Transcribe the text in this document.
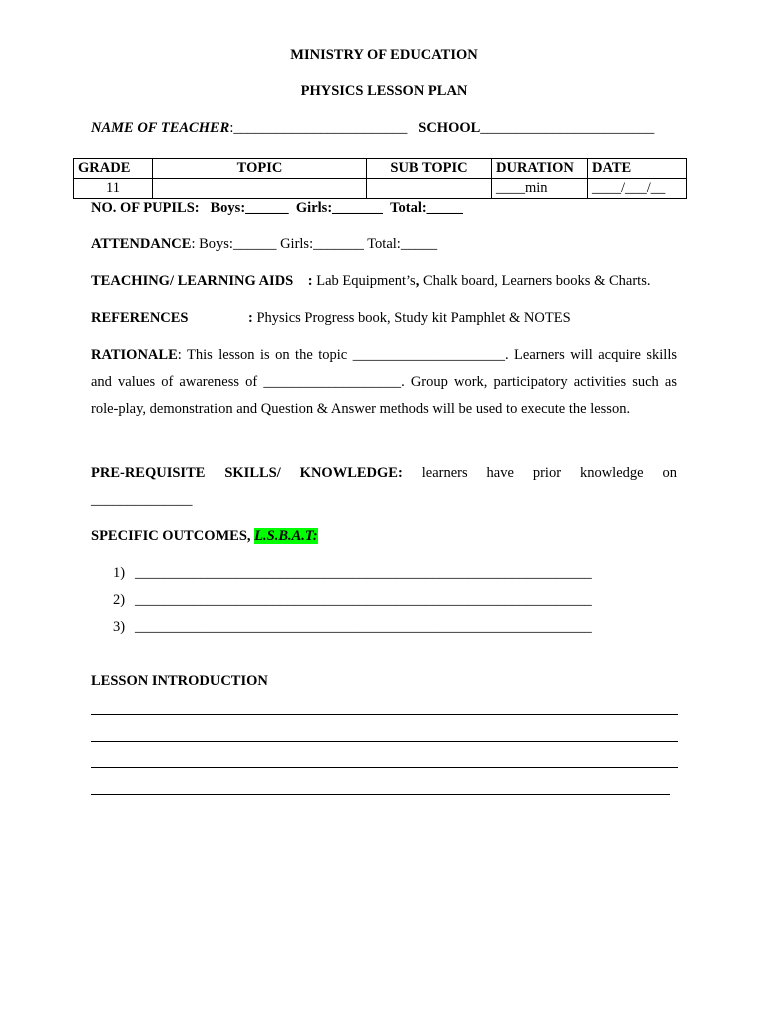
MINISTRY OF EDUCATION
PHYSICS LESSON PLAN
NAME OF TEACHER:________________________ SCHOOL________________________
GRADE	TOPIC	SUB TOPIC	DURATION	DATE
11			____min	____/___/__
NO. OF PUPILS: Boys:______ Girls:_______ Total:_____
ATTENDANCE: Boys:______ Girls:_______ Total:_____
TEACHING/ LEARNING AIDS : Lab Equipment’s, Chalk board, Learners books & Charts.
REFERENCES	: Physics Progress book, Study kit Pamphlet & NOTES
RATIONALE: This lesson is on the topic _____________________. Learners will acquire skills and values of awareness of ___________________. Group work, participatory activities such as role-play, demonstration and Question & Answer methods will be used to execute the lesson.
PRE-REQUISITE SKILLS/ KNOWLEDGE: learners have prior knowledge on
______________
SPECIFIC OUTCOMES, L.S.B.A.T:
1) _______________________________________________________________
2) _______________________________________________________________
3) _______________________________________________________________
LESSON INTRODUCTION
